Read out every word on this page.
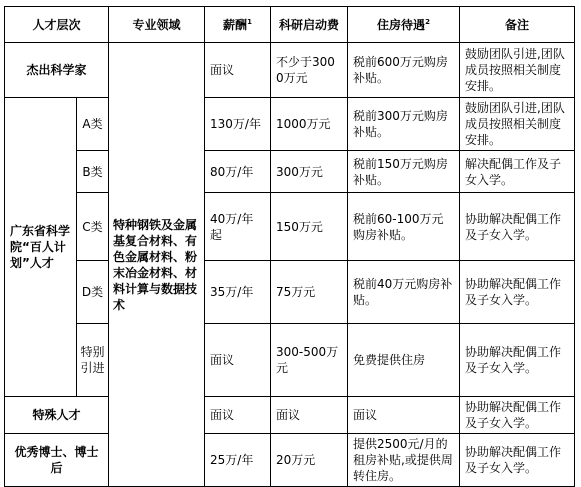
人才层次		专业领域	薪酬$^1$	科研启动费	住房待遇$^2$	备注
杰出科学家		特种钢铁及金属基复合材料、有色金属材料、粉末冶金材料、材料计算与数据技术	面议	不少于3000万元	税前600万元购房补贴。	鼓励团队引进,团队成员按照相关制度安排。
广东省科学院“百人计划”人才	A类		130万/年	1000万元	税前300万元购房补贴。	鼓励团队引进,团队成员按照相关制度安排。
	B类		80万/年	300万元	税前150万元购房补贴。	解决配偶工作及子女入学。
	C类		40万/年起	150万元	税前60-100万元购房补贴。	协助解决配偶工作及子女入学。
	D类		35万/年	75万元	税前40万元购房补贴。	协助解决配偶工作及子女入学。
	特别引进		面议	300-500万元	免费提供住房	协助解决配偶工作及子女入学。
特殊人才			面议	面议	面议	协助解决配偶工作及子女入学。
优秀博士、博士后			25万/年	20万元	提供2500元/月的租房补贴,或提供周转住房。	协助解决配偶工作及子女入学。
